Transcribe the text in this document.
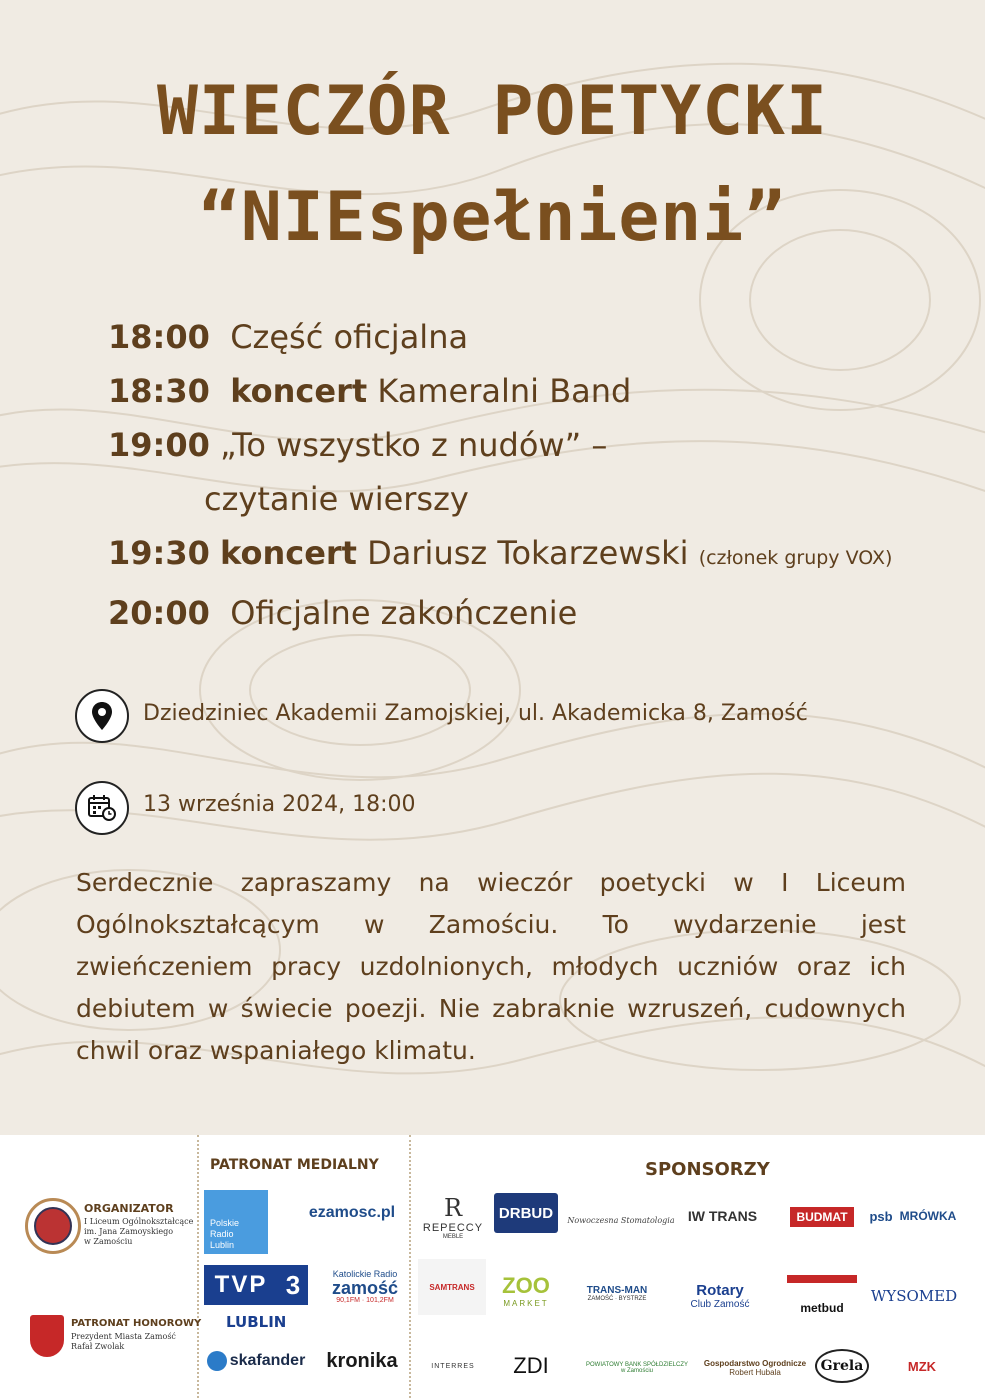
WIECZÓR POETYCKI
“NIEspełnieni”
18:00 Część oficjalna
18:30 koncert Kameralni Band
19:00 „To wszystko z nudów” –
czytanie wierszy
19:30 koncert Dariusz Tokarzewski (członek grupy VOX)
20:00 Oficjalne zakończenie
Dziedziniec Akademii Zamojskiej, ul. Akademicka 8, Zamość
13 września 2024, 18:00
Serdecznie zapraszamy na wieczór poetycki w I Liceum Ogólnokształcącym w Zamościu. To wydarzenie jest zwieńczeniem pracy uzdolnionych, młodych uczniów oraz ich debiutem w świecie poezji. Nie zabraknie wzruszeń, cudownych chwil oraz wspaniałego klimatu.
ORGANIZATOR
I Liceum Ogólnokształcące
im. Jana Zamoyskiego
w Zamościu
PATRONAT HONOROWY
Prezydent Miasta Zamość
Rafał Zwolak
PATRONAT MEDIALNY
Polskie
Radio
Lublin
ezamosc.pl
TVP 3
LUBLIN
Katolickie Radio
zamość
90,1FM · 101,2FM
skafander	kronika
SPONSORZY
R
REPECCY
MEBLE
DRBUD	Nowoczesna Stomatologia IW TRANS	BUDMAT	psb MRÓWKA
SAMTRANS	ZOO
MARKET
TRANS-MAN
ZAMOŚĆ · BYSTRZE	Rotary
Club Zamość	metbud
WYSOMED
INTERRES	ZDI	POWIATOWY BANK SPÓŁDZIELCZY
w Zamościu
Gospodarstwo Ogrodnicze
Robert Hubala	Grela	MZK
